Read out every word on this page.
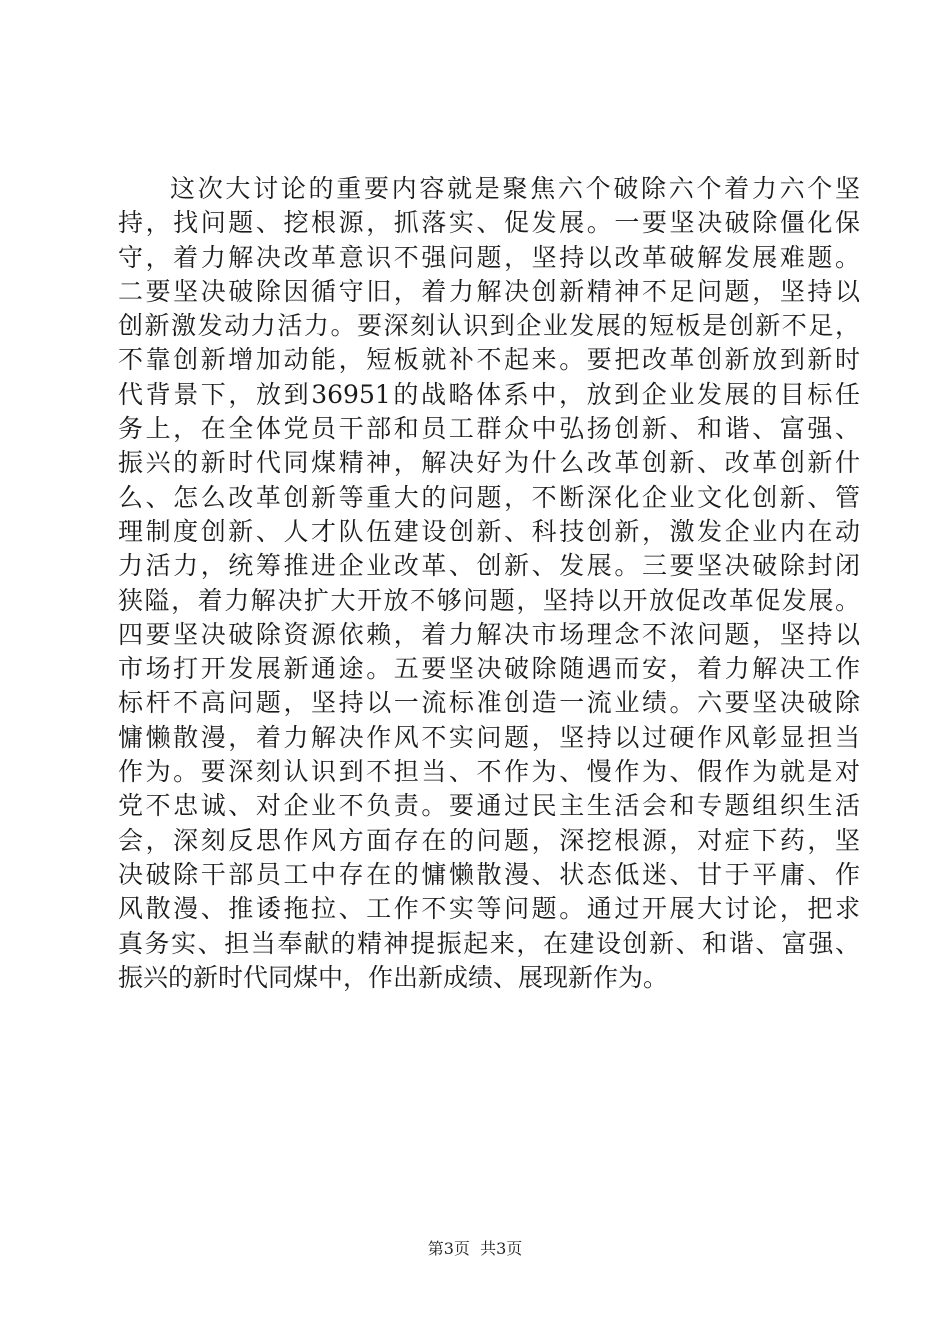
这次大讨论的重要内容就是聚焦六个破除六个着力六个坚
持，找问题、挖根源，抓落实、促发展。一要坚决破除僵化保
守，着力解决改革意识不强问题，坚持以改革破解发展难题。
二要坚决破除因循守旧，着力解决创新精神不足问题，坚持以
创新激发动力活力。要深刻认识到企业发展的短板是创新不足，
不靠创新增加动能，短板就补不起来。要把改革创新放到新时
代背景下，放到36951的战略体系中，放到企业发展的目标任
务上，在全体党员干部和员工群众中弘扬创新、和谐、富强、
振兴的新时代同煤精神，解决好为什么改革创新、改革创新什
么、怎么改革创新等重大的问题，不断深化企业文化创新、管
理制度创新、人才队伍建设创新、科技创新，激发企业内在动
力活力，统筹推进企业改革、创新、发展。三要坚决破除封闭
狭隘，着力解决扩大开放不够问题，坚持以开放促改革促发展。
四要坚决破除资源依赖，着力解决市场理念不浓问题，坚持以
市场打开发展新通途。五要坚决破除随遇而安，着力解决工作
标杆不高问题，坚持以一流标准创造一流业绩。六要坚决破除
慵懒散漫，着力解决作风不实问题，坚持以过硬作风彰显担当
作为。要深刻认识到不担当、不作为、慢作为、假作为就是对
党不忠诚、对企业不负责。要通过民主生活会和专题组织生活
会，深刻反思作风方面存在的问题，深挖根源，对症下药，坚
决破除干部员工中存在的慵懒散漫、状态低迷、甘于平庸、作
风散漫、推诿拖拉、工作不实等问题。通过开展大讨论，把求
真务实、担当奉献的精神提振起来，在建设创新、和谐、富强、
振兴的新时代同煤中，作出新成绩、展现新作为。
第3页  共3页
